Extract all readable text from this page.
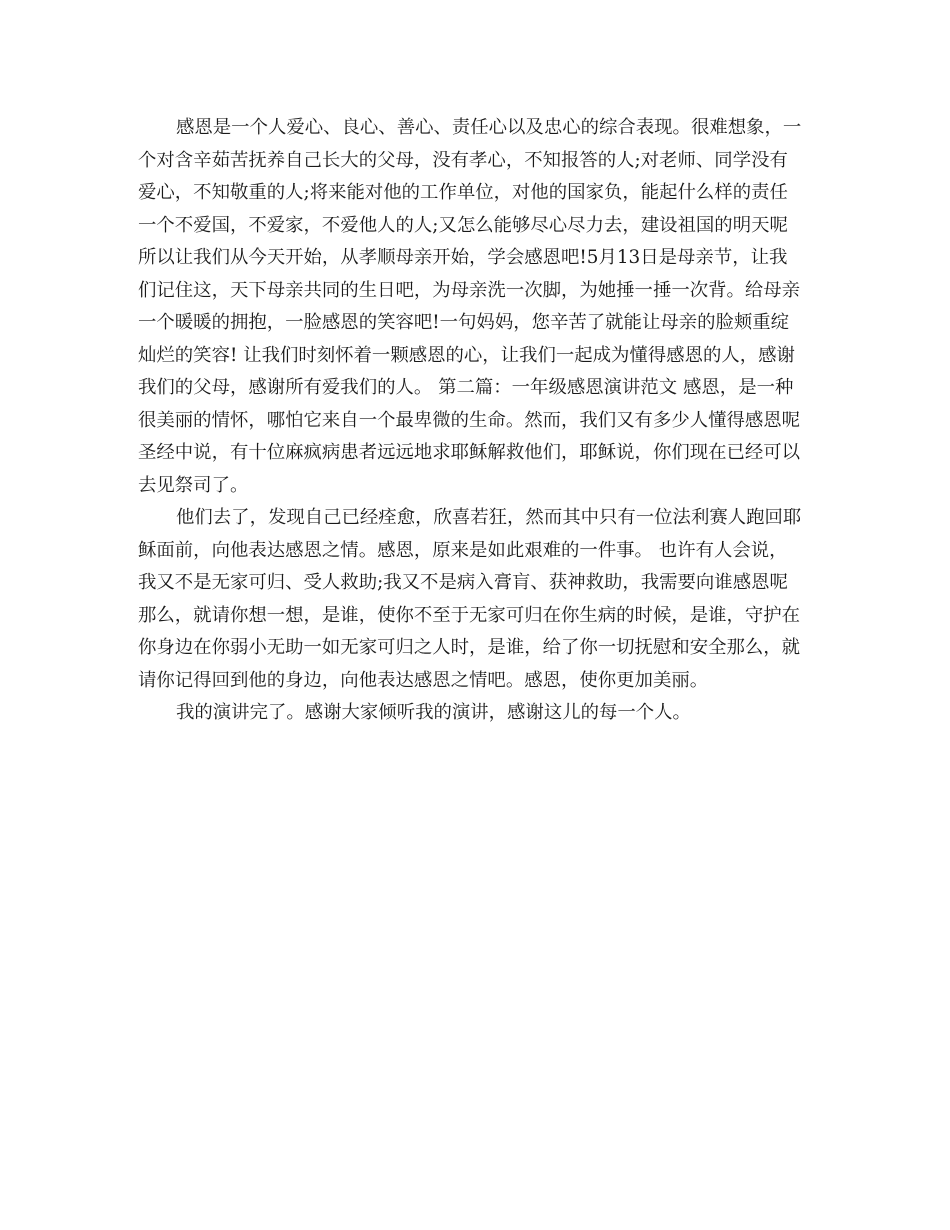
感恩是一个人爱心、良心、善心、责任心以及忠心的综合表现。很难想象，一
个对含辛茹苦抚养自己长大的父母，没有孝心，不知报答的人;对老师、同学没有
爱心，不知敬重的人;将来能对他的工作单位，对他的国家负，能起什么样的责任
一个不爱国，不爱家，不爱他人的人;又怎么能够尽心尽力去，建设祖国的明天呢
所以让我们从今天开始，从孝顺母亲开始，学会感恩吧!5月13日是母亲节，让我
们记住这，天下母亲共同的生日吧，为母亲洗一次脚，为她捶一捶一次背。给母亲
一个暖暖的拥抱，一脸感恩的笑容吧!一句妈妈，您辛苦了就能让母亲的脸颊重绽
灿烂的笑容! 让我们时刻怀着一颗感恩的心，让我们一起成为懂得感恩的人，感谢
我们的父母，感谢所有爱我们的人。 第二篇：一年级感恩演讲范文 感恩，是一种
很美丽的情怀，哪怕它来自一个最卑微的生命。然而，我们又有多少人懂得感恩呢
圣经中说，有十位麻疯病患者远远地求耶稣解救他们，耶稣说，你们现在已经可以
去见祭司了。
他们去了，发现自己已经痊愈，欣喜若狂，然而其中只有一位法利赛人跑回耶
稣面前，向他表达感恩之情。感恩，原来是如此艰难的一件事。 也许有人会说，
我又不是无家可归、受人救助;我又不是病入膏肓、获神救助，我需要向谁感恩呢
那么，就请你想一想，是谁，使你不至于无家可归在你生病的时候，是谁，守护在
你身边在你弱小无助一如无家可归之人时，是谁，给了你一切抚慰和安全那么，就
请你记得回到他的身边，向他表达感恩之情吧。感恩，使你更加美丽。
我的演讲完了。感谢大家倾听我的演讲，感谢这儿的每一个人。
